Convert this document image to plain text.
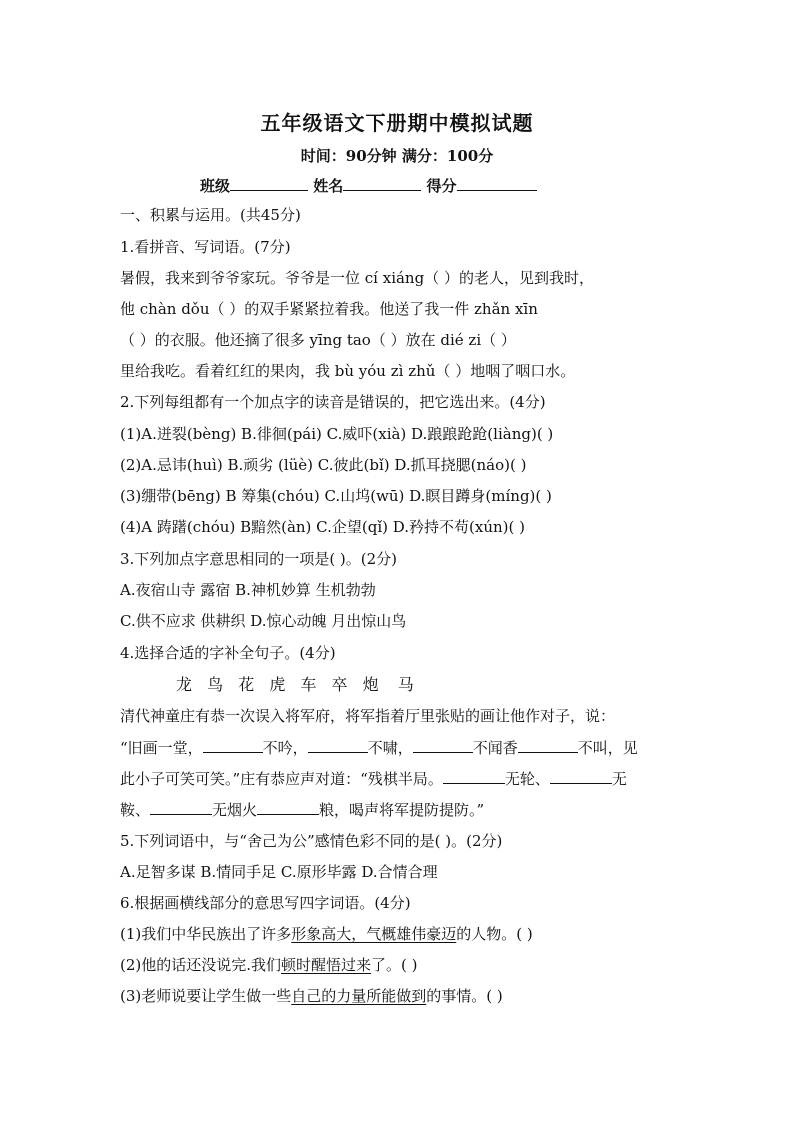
五年级语文下册期中模拟试题
时间：90分钟 满分：100分
班级	姓名	得分
一、积累与运用。(共45分)
1.看拼音、写词语。(7分)
暑假，我来到爷爷家玩。爷爷是一位 cí xiáng（ ）的老人，见到我时，
他 chàn dǒu（ ）的双手紧紧拉着我。他送了我一件 zhǎn xīn
（ ）的衣服。他还摘了很多 yīng tao（ ）放在 dié zi（ ）
里给我吃。看着红红的果肉，我 bù yóu zì zhǔ（ ）地咽了咽口水。
2.下列每组都有一个加点字的读音是错误的，把它选出来。(4分)
(1)A.迸裂(bèng) B.徘徊(pái) C.威吓(xià) D.踉踉跄跄(liàng)( )
(2)A.忌讳(huì) B.顽劣 (lüè) C.彼此(bǐ) D.抓耳挠腮(náo)( )
(3)绷带(bēng) B 筹集(chóu) C.山坞(wū) D.瞑目蹲身(míng)( )
(4)A 踌躇(chóu) B黯然(àn) C.企望(qǐ) D.矜持不苟(xún)( )
3.下列加点字意思相同的一项是( )。(2分)
A.夜宿山寺 露宿 B.神机妙算 生机勃勃
C.供不应求 供耕织 D.惊心动魄 月出惊山鸟
4.选择合适的字补全句子。(4分)
龙 鸟 花 虎 车 卒 炮 马
清代神童庄有恭一次误入将军府，将军指着厅里张贴的画让他作对子，说：
“旧画一堂，	不吟，	不啸，	不闻香	不叫，见
此小子可笑可笑。”庄有恭应声对道：“残棋半局。	无轮、	无
鞍、	无烟火	粮，喝声将军提防提防。”
5.下列词语中，与“舍己为公”感情色彩不同的是( )。(2分)
A.足智多谋 B.情同手足 C.原形毕露 D.合情合理
6.根据画横线部分的意思写四字词语。(4分)
(1)我们中华民族出了许多形象高大，气概雄伟豪迈的人物。( )
(2)他的话还没说完.我们顿时醒悟过来了。( )
(3)老师说要让学生做一些自己的力量所能做到的事情。( )
